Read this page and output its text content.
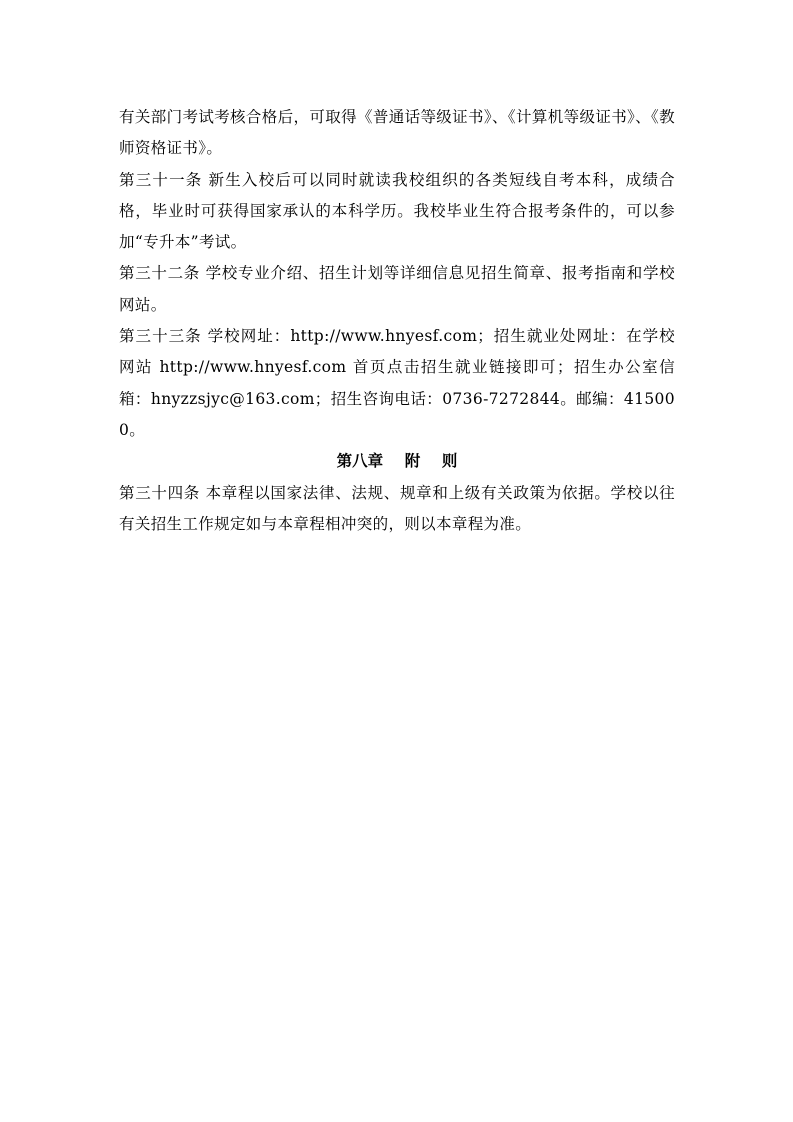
有关部门考试考核合格后，可取得《普通话等级证书》、《计算机等级证书》、《教师资格证书》。

第三十一条 新生入校后可以同时就读我校组织的各类短线自考本科，成绩合格，毕业时可获得国家承认的本科学历。我校毕业生符合报考条件的，可以参加“专升本”考试。

第三十二条 学校专业介绍、招生计划等详细信息见招生简章、报考指南和学校网站。

第三十三条 学校网址：http://www.hnyesf.com；招生就业处网址：在学校网站 http://www.hnyesf.com 首页点击招生就业链接即可；招生办公室信箱：hnyzzsjyc@163.com；招生咨询电话：0736-7272844。邮编：415000。

第八章    附    则

第三十四条 本章程以国家法律、法规、规章和上级有关政策为依据。学校以往有关招生工作规定如与本章程相冲突的，则以本章程为准。
